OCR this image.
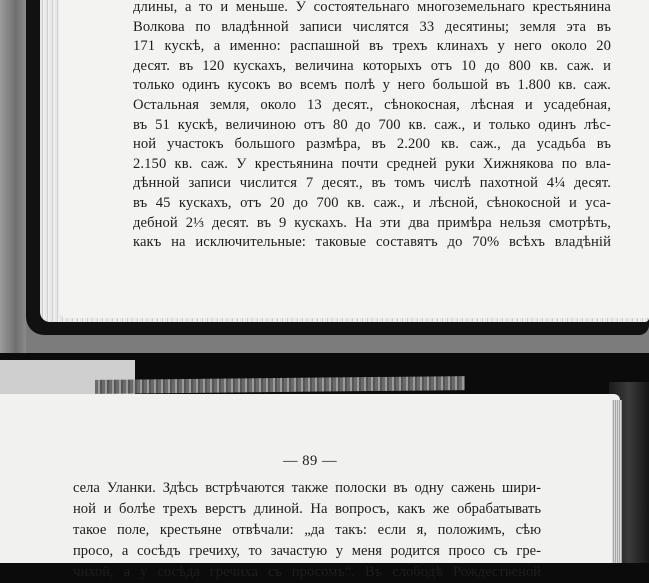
длины, а то и меньше. У состоятельнаго многоземельнаго крестьянина
Волкова по владѣнной записи числятся 33 десятины; земля эта въ
171 кускѣ, а именно: распашной въ трехъ клинахъ у него около 20
десят. въ 120 кускахъ, величина которыхъ отъ 10 до 800 кв. саж. и
только одинъ кусокъ во всемъ полѣ у него большой въ 1.800 кв. саж.
Остальная земля, около 13 десят., сѣнокосная, лѣсная и усадебная,
въ 51 кускѣ, величиною отъ 80 до 700 кв. саж., и только одинъ лѣс-
ной участокъ большого размѣра, въ 2.200 кв. саж., да усадьба въ
2.150 кв. саж. У крестьянина почти средней руки Хижнякова по вла-
дѣнной записи числится 7 десят., въ томъ числѣ пахотной 4¼ десят.
въ 45 кускахъ, отъ 20 до 700 кв. саж., и лѣсной, сѣнокосной и уса-
дебной 2⅓ десят. въ 9 кускахъ. На эти два примѣра нельзя смотрѣть,
какъ на исключительные: таковые составятъ до 70% всѣхъ владѣній
— 89 —
села Уланки. Здѣсь встрѣчаются также полоски въ одну сажень шири-
ной и болѣе трехъ верстъ длиной. На вопросъ, какъ же обрабатывать
такое поле, крестьяне отвѣчали: „да такъ: если я, положимъ, сѣю
просо, а сосѣдъ гречиху, то зачастую у меня родится просо съ гре-
чихой, а у сосѣда гречиха съ просомъ“. Въ слободѣ Рождественой
